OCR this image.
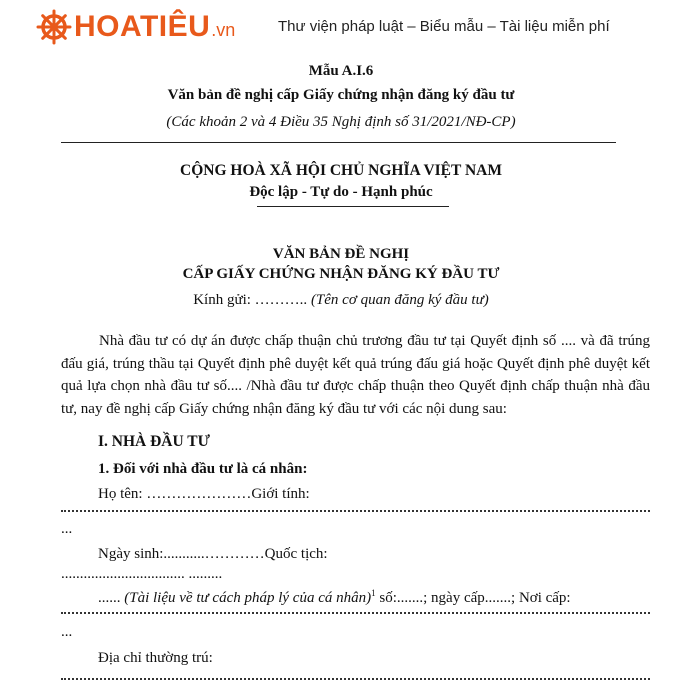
HOATIÊU .vn	Thư viện pháp luật – Biểu mẫu – Tài liệu miễn phí
Mẫu A.I.6
Văn bản đề nghị cấp Giấy chứng nhận đăng ký đầu tư
(Các khoản 2 và 4 Điều 35 Nghị định số 31/2021/NĐ-CP)
CỘNG HOÀ XÃ HỘI CHỦ NGHĨA VIỆT NAM
Độc lập - Tự do - Hạnh phúc
VĂN BẢN ĐỀ NGHỊ
CẤP GIẤY CHỨNG NHẬN ĐĂNG KÝ ĐẦU TƯ
Kính gửi: ……….. (Tên cơ quan đăng ký đầu tư)
Nhà đầu tư có dự án được chấp thuận chủ trương đầu tư tại Quyết định số .... và đã trúng đấu giá, trúng thầu tại Quyết định phê duyệt kết quả trúng đấu giá hoặc Quyết định phê duyệt kết quả lựa chọn nhà đầu tư số.... /Nhà đầu tư được chấp thuận theo Quyết định chấp thuận nhà đầu tư, nay đề nghị cấp Giấy chứng nhận đăng ký đầu tư với các nội dung sau:
I. NHÀ ĐẦU TƯ
1. Đối với nhà đầu tư là cá nhân:
Họ tên: …………………Giới tính:
...
Ngày sinh:...........…………Quốc tịch:
................................. .........
...... (Tài liệu về tư cách pháp lý của cá nhân)$^1$ số:.......; ngày cấp.......; Nơi cấp:
...
Địa chỉ thường trú:
